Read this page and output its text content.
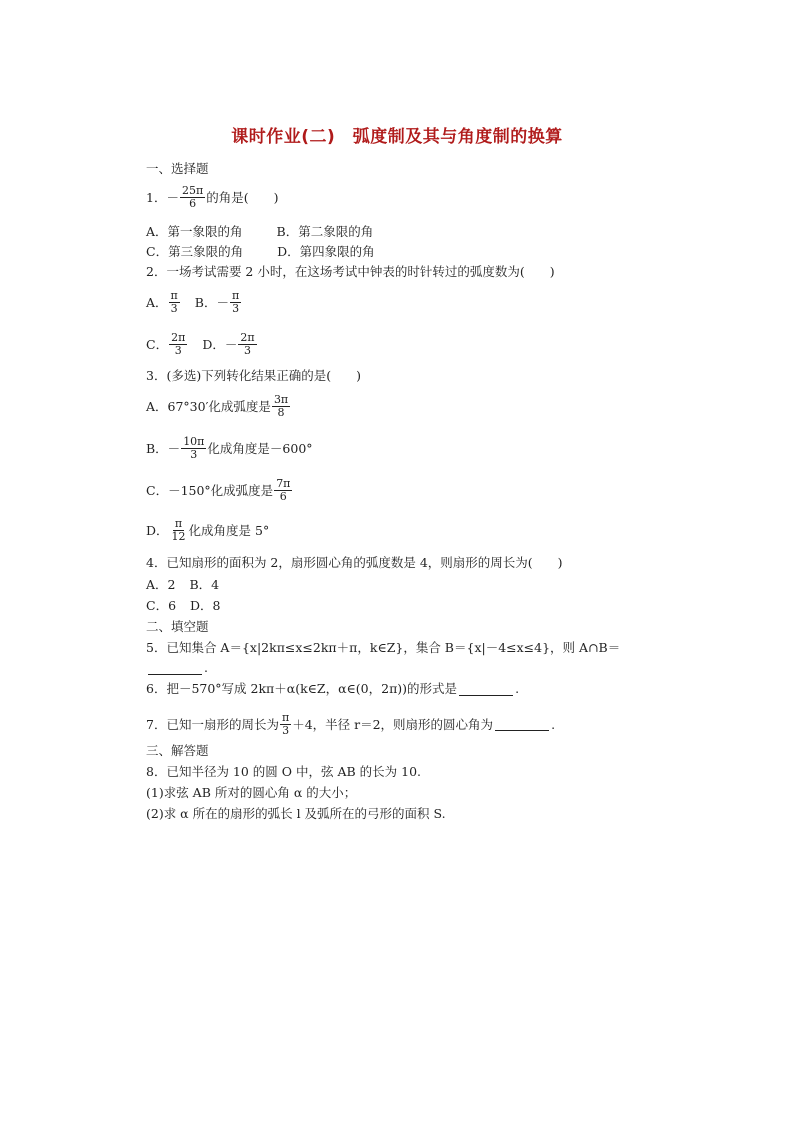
课时作业(二)　弧度制及其与角度制的换算
一、选择题
1．－ $\frac{25\pi}{6}$ 的角是(　　)
A．第一象限的角	B．第二象限的角
C．第三象限的角	D．第四象限的角
2．一场考试需要 2 小时，在这场考试中钟表的时针转过的弧度数为(　　)
A． $\frac{\pi}{3}$ B．－ $\frac{\pi}{3}$
C． $\frac{2\pi}{3}$ D．－ $\frac{2\pi}{3}$
3．(多选)下列转化结果正确的是(　　)
A．67°30′化成弧度是 $\frac{3\pi}{8}$
B．－ $\frac{10\pi}{3}$ 化成角度是－600°
C．－150°化成弧度是 $\frac{7\pi}{6}$
D． $\frac{\pi}{12}$ 化成角度是 5°
4．已知扇形的面积为 2，扇形圆心角的弧度数是 4，则扇形的周长为(　　)
A．2 B．4
C．6 D．8
二、填空题
5．已知集合 A＝{x|2kπ≤x≤2kπ＋π，k∈Z}，集合 B＝{x|－4≤x≤4}，则 A∩B＝
.
6．把－570°写成 2kπ＋α(k∈Z，α∈(0，2π))的形式是	.
7．已知一扇形的周长为 $\frac{\pi}{3} +4$，半径 r＝2，则扇形的圆心角为	.
三、解答题
8．已知半径为 10 的圆 O 中，弦 AB 的长为 10.
(1)求弦 AB 所对的圆心角 α 的大小；
(2)求 α 所在的扇形的弧长 l 及弧所在的弓形的面积 S.
